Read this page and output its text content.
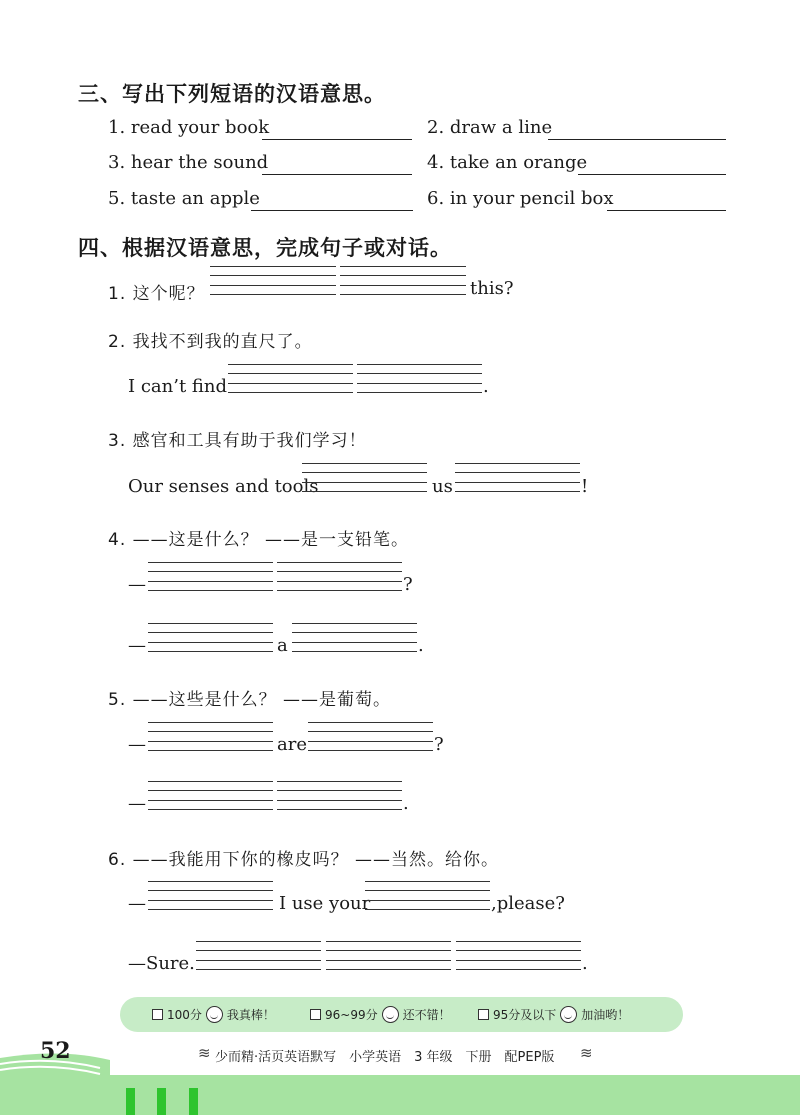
三、写出下列短语的汉语意思。
1. read your book	2. draw a line
3. hear the sound	4. take an orange
5. taste an apple	6. in your pencil box
四、根据汉语意思，完成句子或对话。
1. 这个呢？	this?
2. 我找不到我的直尺了。
I can’t find	.
3. 感官和工具有助于我们学习！
Our senses and tools	us	!
4. ——这是什么？ ——是一支铅笔。
—	?
—	a	.
5. ——这些是什么？ ——是葡萄。
—	are	?
—	.
6. ——我能用下你的橡皮吗？ ——当然。给你。
—	I use your	,please?
—Sure.	.
100分 我真棒！	96~99分 还不错！	95分及以下 加油哟！
52	≋ 少而精·活页英语默写　小学英语　3 年级　下册　配PEP版 ≋
